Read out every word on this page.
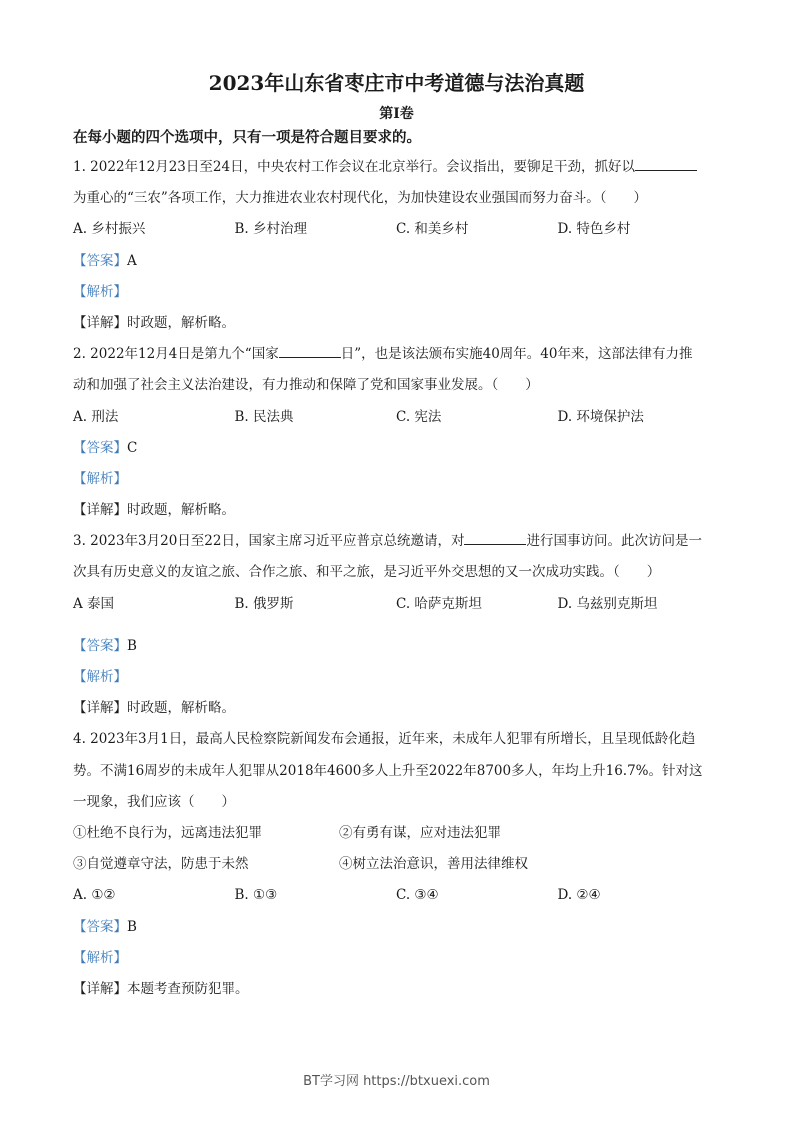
2023年山东省枣庄市中考道德与法治真题
第Ⅰ卷
在每小题的四个选项中，只有一项是符合题目要求的。
1. 2022年12月23日至24日，中央农村工作会议在北京举行。会议指出，要铆足干劲，抓好以
为重心的“三农”各项工作，大力推进农业农村现代化，为加快建设农业强国而努力奋斗。（　　）
A. 乡村振兴	B. 乡村治理	C. 和美乡村	D. 特色乡村
【答案】A
【解析】
【详解】时政题，解析略。
2. 2022年12月4日是第九个“国家	日”，也是该法颁布实施40周年。40年来，这部法律有力推
动和加强了社会主义法治建设，有力推动和保障了党和国家事业发展。（　　）
A. 刑法	B. 民法典	C. 宪法	D. 环境保护法
【答案】C
【解析】
【详解】时政题，解析略。
3. 2023年3月20日至22日，国家主席习近平应普京总统邀请，对	进行国事访问。此次访问是一
次具有历史意义的友谊之旅、合作之旅、和平之旅，是习近平外交思想的又一次成功实践。（　　）
A 泰国	B. 俄罗斯	C. 哈萨克斯坦	D. 乌兹别克斯坦
【答案】B
【解析】
【详解】时政题，解析略。
4. 2023年3月1日，最高人民检察院新闻发布会通报，近年来，未成年人犯罪有所增长，且呈现低龄化趋
势。不满16周岁的未成年人犯罪从2018年4600多人上升至2022年8700多人，年均上升16.7%。针对这
一现象，我们应该（　　）
①杜绝不良行为，远离违法犯罪	②有勇有谋，应对违法犯罪
③自觉遵章守法，防患于未然	④树立法治意识，善用法律维权
A. ①②	B. ①③	C. ③④	D. ②④
【答案】B
【解析】
【详解】本题考查预防犯罪。
BT学习网 https://btxuexi.com
